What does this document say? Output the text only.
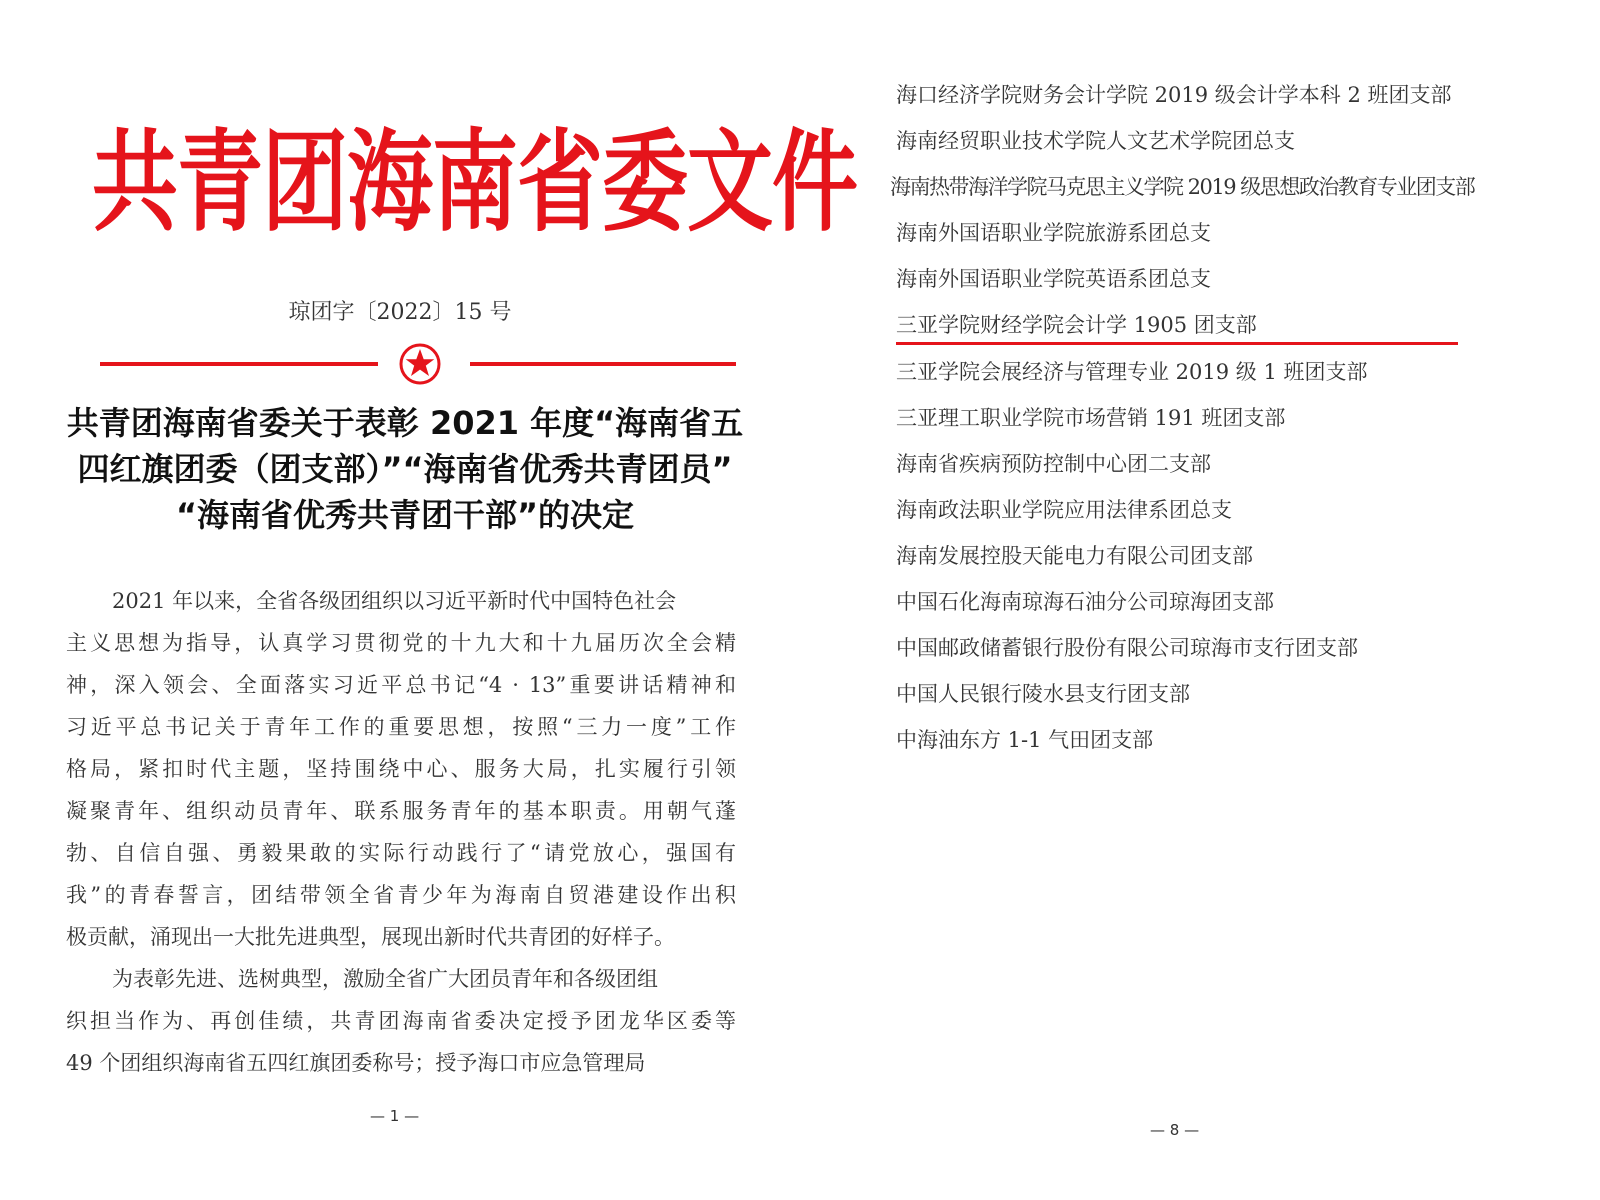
共青团海南省委文件
琼团字〔2022〕15 号
共青团海南省委关于表彰 2021 年度“海南省五
四红旗团委（团支部）”“海南省优秀共青团员”
“海南省优秀共青团干部”的决定
2021 年以来，全省各级团组织以习近平新时代中国特色社会
主义思想为指导，认真学习贯彻党的十九大和十九届历次全会精
神，深入领会、全面落实习近平总书记“4 · 13”重要讲话精神和
习近平总书记关于青年工作的重要思想，按照“三力一度”工作
格局，紧扣时代主题，坚持围绕中心、服务大局，扎实履行引领
凝聚青年、组织动员青年、联系服务青年的基本职责。用朝气蓬
勃、自信自强、勇毅果敢的实际行动践行了“请党放心，强国有
我”的青春誓言，团结带领全省青少年为海南自贸港建设作出积
极贡献，涌现出一大批先进典型，展现出新时代共青团的好样子。
为表彰先进、选树典型，激励全省广大团员青年和各级团组
织担当作为、再创佳绩，共青团海南省委决定授予团龙华区委等
49 个团组织海南省五四红旗团委称号；授予海口市应急管理局
— 1 —
海口经济学院财务会计学院 2019 级会计学本科 2 班团支部
海南经贸职业技术学院人文艺术学院团总支
海南热带海洋学院马克思主义学院 2019 级思想政治教育专业团支部
海南外国语职业学院旅游系团总支
海南外国语职业学院英语系团总支
三亚学院财经学院会计学 1905 团支部
三亚学院会展经济与管理专业 2019 级 1 班团支部
三亚理工职业学院市场营销 191 班团支部
海南省疾病预防控制中心团二支部
海南政法职业学院应用法律系团总支
海南发展控股天能电力有限公司团支部
中国石化海南琼海石油分公司琼海团支部
中国邮政储蓄银行股份有限公司琼海市支行团支部
中国人民银行陵水县支行团支部
中海油东方 1-1 气田团支部
— 8 —
